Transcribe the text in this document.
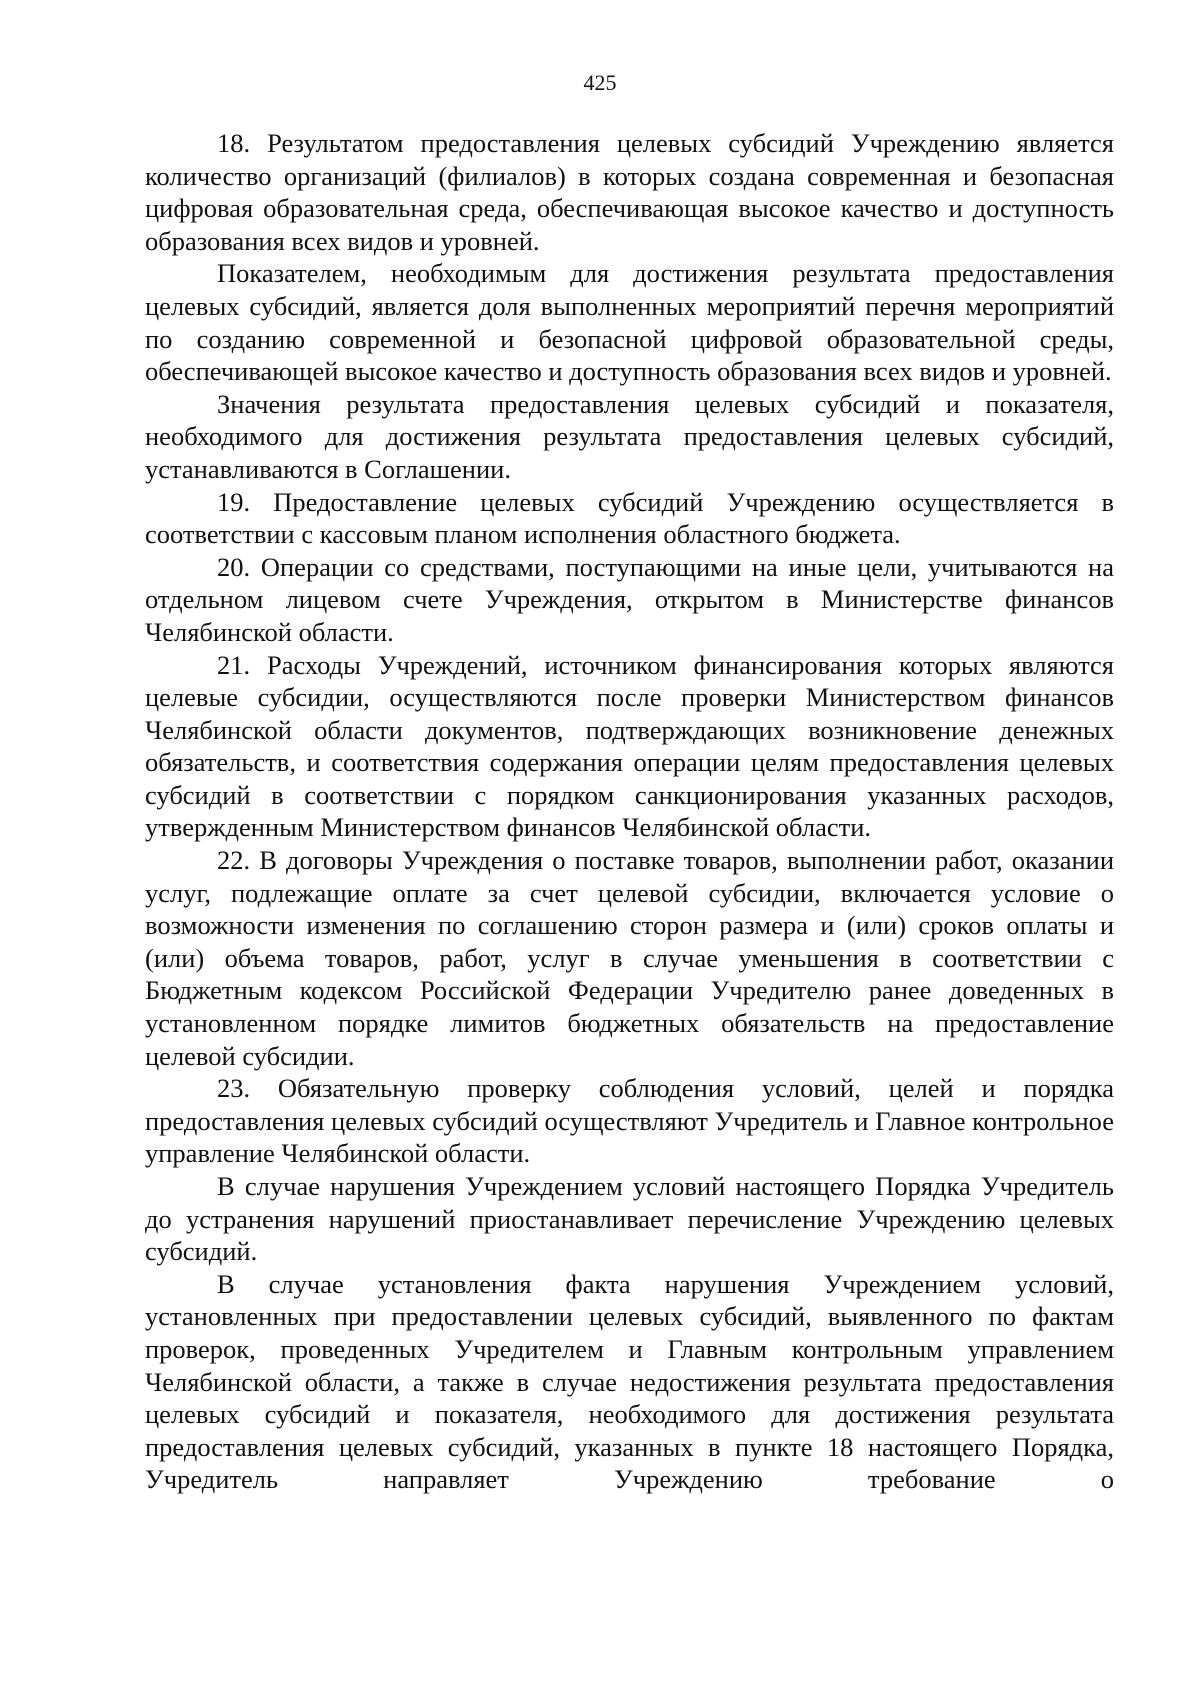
425

18. Результатом предоставления целевых субсидий Учреждению является количество организаций (филиалов) в которых создана современная и безопасная цифровая образовательная среда, обеспечивающая высокое качество и доступность образования всех видов и уровней.

Показателем, необходимым для достижения результата предоставления целевых субсидий, является доля выполненных мероприятий перечня мероприятий по созданию современной и безопасной цифровой образовательной среды, обеспечивающей высокое качество и доступность образования всех видов и уровней.

Значения результата предоставления целевых субсидий и показателя, необходимого для достижения результата предоставления целевых субсидий, устанавливаются в Соглашении.

19. Предоставление целевых субсидий Учреждению осуществляется в соответствии с кассовым планом исполнения областного бюджета.

20. Операции со средствами, поступающими на иные цели, учитываются на отдельном лицевом счете Учреждения, открытом в Министерстве финансов Челябинской области.

21. Расходы Учреждений, источником финансирования которых являются целевые субсидии, осуществляются после проверки Министерством финансов Челябинской области документов, подтверждающих возникновение денежных обязательств, и соответствия содержания операции целям предоставления целевых субсидий в соответствии с порядком санкционирования указанных расходов, утвержденным Министерством финансов Челябинской области.

22. В договоры Учреждения о поставке товаров, выполнении работ, оказании услуг, подлежащие оплате за счет целевой субсидии, включается условие о возможности изменения по соглашению сторон размера и (или) сроков оплаты и (или) объема товаров, работ, услуг в случае уменьшения в соответствии с Бюджетным кодексом Российской Федерации Учредителю ранее доведенных в установленном порядке лимитов бюджетных обязательств на предоставление целевой субсидии.

23. Обязательную проверку соблюдения условий, целей и порядка предоставления целевых субсидий осуществляют Учредитель и Главное контрольное управление Челябинской области.

В случае нарушения Учреждением условий настоящего Порядка Учредитель до устранения нарушений приостанавливает перечисление Учреждению целевых субсидий.

В случае установления факта нарушения Учреждением условий, установленных при предоставлении целевых субсидий, выявленного по фактам проверок, проведенных Учредителем и Главным контрольным управлением Челябинской области, а также в случае недостижения результата предоставления целевых субсидий и показателя, необходимого для достижения результата предоставления целевых субсидий, указанных в пункте 18 настоящего Порядка, Учредитель направляет Учреждению требование о
